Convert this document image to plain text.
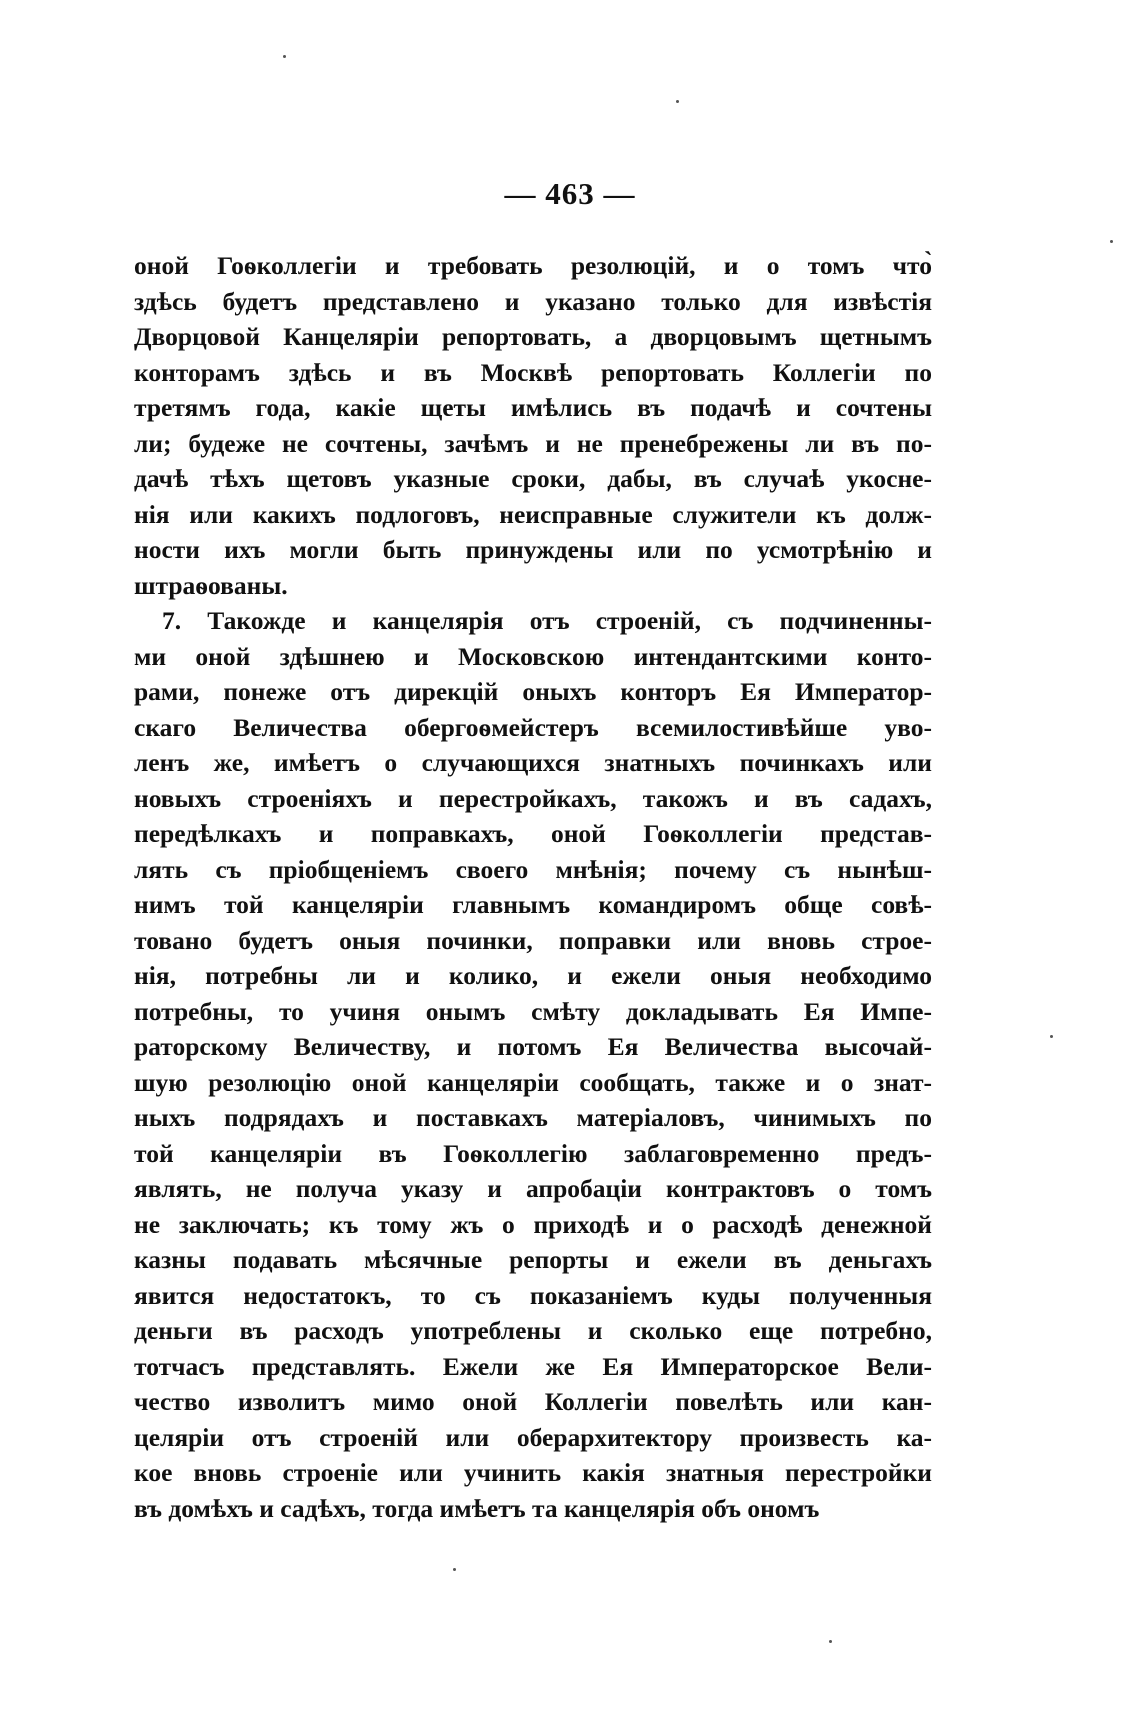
— 463 —
оной Гоѳколлегіи и требовать резолюцій, и о томъ что̀
здѣсь будетъ представлено и указано только для извѣстія
Дворцовой Канцеляріи репортовать, а дворцовымъ щетнымъ
конторамъ здѣсь и въ Москвѣ репортовать Коллегіи по
третямъ года, какіе щеты имѣлись въ подачѣ и сочтены
ли; будеже не сочтены, зачѣмъ и не пренебрежены ли въ по-
дачѣ тѣхъ щетовъ указные сроки, дабы, въ случаѣ укосне-
нія или какихъ подлоговъ, неисправные служители къ долж-
ности ихъ могли быть принуждены или по усмотрѣнію и
штраѳованы.
7. Такожде и канцелярія отъ строеній, съ подчиненны-
ми оной здѣшнею и Московскою интендантскими конто-
рами, понеже отъ дирекцій оныхъ конторъ Ея Император-
скаго Величества обергоѳмейстеръ всемилостивѣйше уво-
ленъ же, имѣетъ о случающихся знатныхъ починкахъ или
новыхъ строеніяхъ и перестройкахъ, такожъ и въ садахъ,
передѣлкахъ и поправкахъ, оной Гоѳколлегіи представ-
лять съ пріобщеніемъ своего мнѣнія; почему съ нынѣш-
нимъ той канцеляріи главнымъ командиромъ обще совѣ-
товано будетъ оныя починки, поправки или вновь строе-
нія, потребны ли и колико, и ежели оныя необходимо
потребны, то учиня онымъ смѣту докладывать Ея Импе-
раторскому Величеству, и потомъ Ея Величества высочай-
шую резолюцію оной канцеляріи сообщать, также и о знат-
ныхъ подрядахъ и поставкахъ матеріаловъ, чинимыхъ по
той канцеляріи въ Гоѳколлегію заблаговременно предъ-
являть, не получа указу и апробаціи контрактовъ о томъ
не заключать; къ тому жъ о приходѣ и о расходѣ денежной
казны подавать мѣсячные репорты и ежели въ деньгахъ
явится недостатокъ, то съ показаніемъ куды полученныя
деньги въ расходъ употреблены и сколько еще потребно,
тотчасъ представлять. Ежели же Ея Императорское Вели-
чество изволитъ мимо оной Коллегіи повелѣть или кан-
целяріи отъ строеній или оберархитектору произвесть ка-
кое вновь строеніе или учинить какія знатныя перестройки
въ домѣхъ и садѣхъ, тогда имѣетъ та канцелярія объ ономъ
